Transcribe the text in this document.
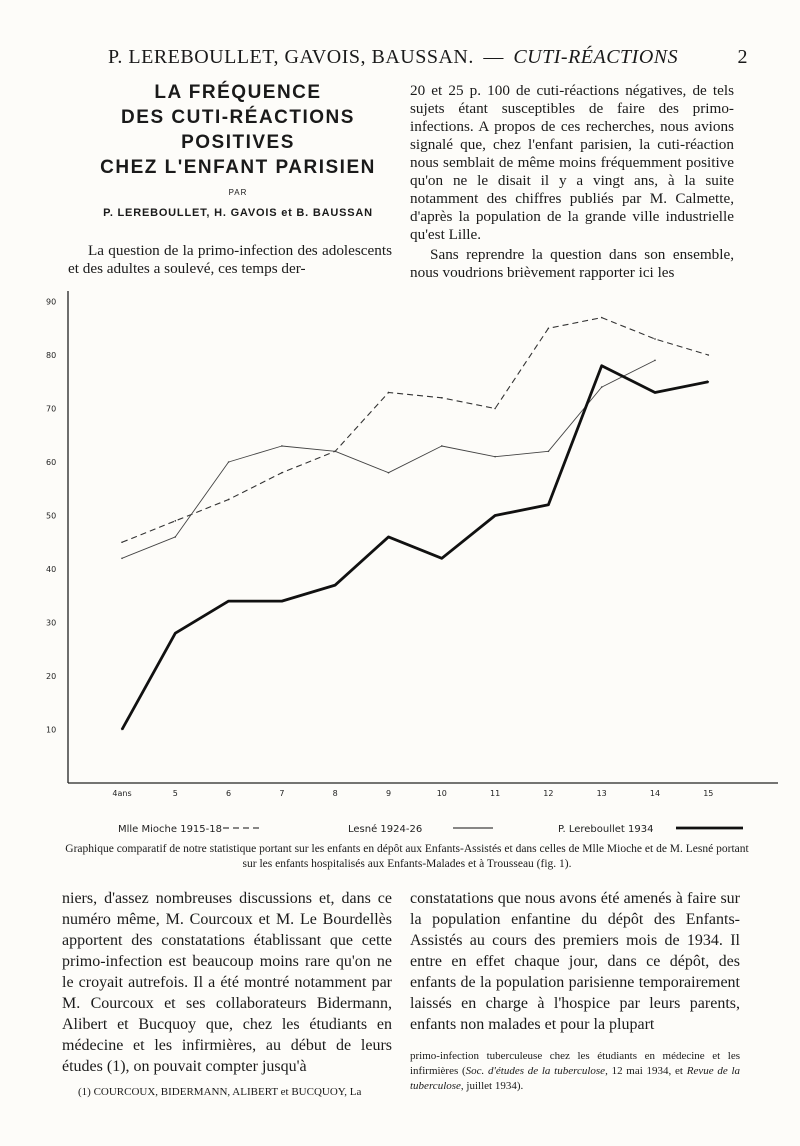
P. LEREBOULLET, GAVOIS, BAUSSAN. — CUTI-RÉACTIONS	2
LA FRÉQUENCE
DES CUTI-RÉACTIONS
POSITIVES
CHEZ L'ENFANT PARISIEN
PAR
P. LEREBOULLET, H. GAVOIS et B. BAUSSAN

La question de la primo-infection des adolescents et des adultes a soulevé, ces temps der-

20 et 25 p. 100 de cuti-réactions négatives, de tels sujets étant susceptibles de faire des primo-infections. A propos de ces recherches, nous avions signalé que, chez l'enfant parisien, la cuti-réaction nous semblait de même moins fréquemment positive qu'on ne le disait il y a vingt ans, à la suite notamment des chiffres publiés par M. Calmette, d'après la population de la grande ville industrielle qu'est Lille.

Sans reprendre la question dans son ensemble, nous voudrions brièvement rapporter ici les

10
20
30
40
50
60
70
80
90
4ans	5	6	7	8	9	10	11	12	13	14	15
Mlle Mioche 1915-18	Lesné 1924-26	P. Lereboullet 1934
Graphique comparatif de notre statistique portant sur les enfants en dépôt aux Enfants-Assistés et dans celles de Mlle Mioche et de M. Lesné portant sur les enfants hospitalisés aux Enfants-Malades et à Trousseau (fig. 1).

niers, d'assez nombreuses discussions et, dans ce numéro même, M. Courcoux et M. Le Bourdellès apportent des constatations établissant que cette primo-infection est beaucoup moins rare qu'on ne le croyait autrefois. Il a été montré notamment par M. Courcoux et ses collaborateurs Bidermann, Alibert et Bucquoy que, chez les étudiants en médecine et les infirmières, au début de leurs études (1), on pouvait compter jusqu'à

(1) COURCOUX, BIDERMANN, ALIBERT et BUCQUOY, La

constatations que nous avons été amenés à faire sur la population enfantine du dépôt des Enfants-Assistés au cours des premiers mois de 1934. Il entre en effet chaque jour, dans ce dépôt, des enfants de la population parisienne temporairement laissés en charge à l'hospice par leurs parents, enfants non malades et pour la plupart

primo-infection tuberculeuse chez les étudiants en médecine et les infirmières (Soc. d'études de la tuberculose, 12 mai 1934, et Revue de la tuberculose, juillet 1934).
